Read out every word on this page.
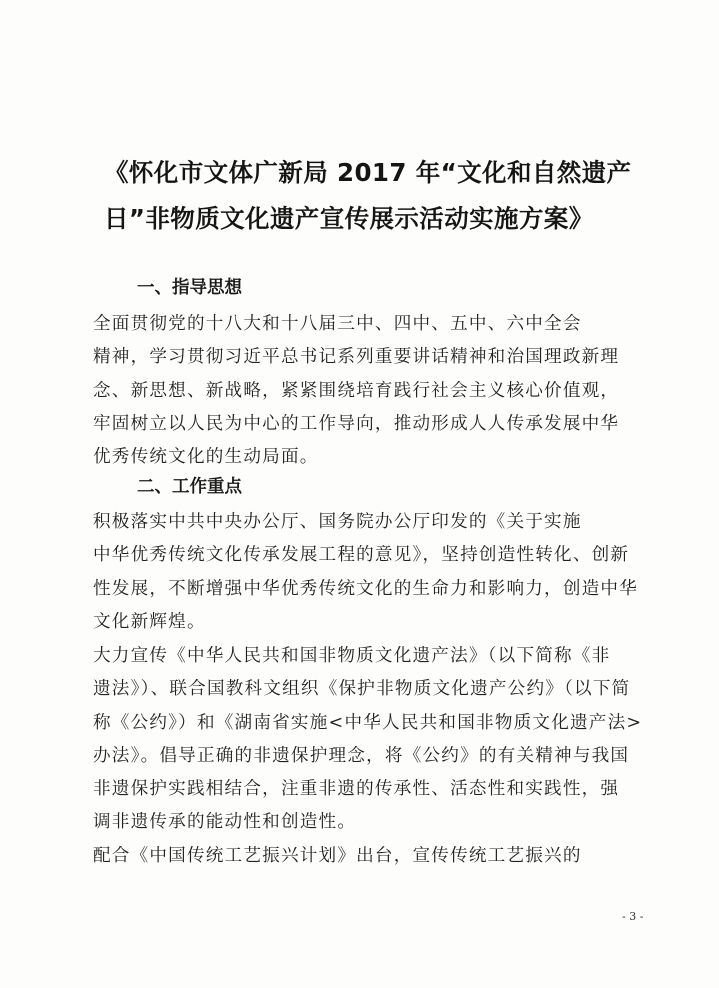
《怀化市文体广新局 2017 年“文化和自然遗产
日”非物质文化遗产宣传展示活动实施方案》
一、指导思想

全面贯彻党的十八大和十八届三中、四中、五中、六中全会
精神，学习贯彻习近平总书记系列重要讲话精神和治国理政新理
念、新思想、新战略，紧紧围绕培育践行社会主义核心价值观，
牢固树立以人民为中心的工作导向，推动形成人人传承发展中华
优秀传统文化的生动局面。

二、工作重点

积极落实中共中央办公厅、国务院办公厅印发的《关于实施
中华优秀传统文化传承发展工程的意见》，坚持创造性转化、创新
性发展，不断增强中华优秀传统文化的生命力和影响力，创造中华
文化新辉煌。

大力宣传《中华人民共和国非物质文化遗产法》（以下简称《非
遗法》）、联合国教科文组织《保护非物质文化遗产公约》（以下简
称《公约》）和《湖南省实施<中华人民共和国非物质文化遗产法>
办法》。倡导正确的非遗保护理念，将《公约》的有关精神与我国
非遗保护实践相结合，注重非遗的传承性、活态性和实践性，强
调非遗传承的能动性和创造性。

配合《中国传统工艺振兴计划》出台，宣传传统工艺振兴的

- 3 -
